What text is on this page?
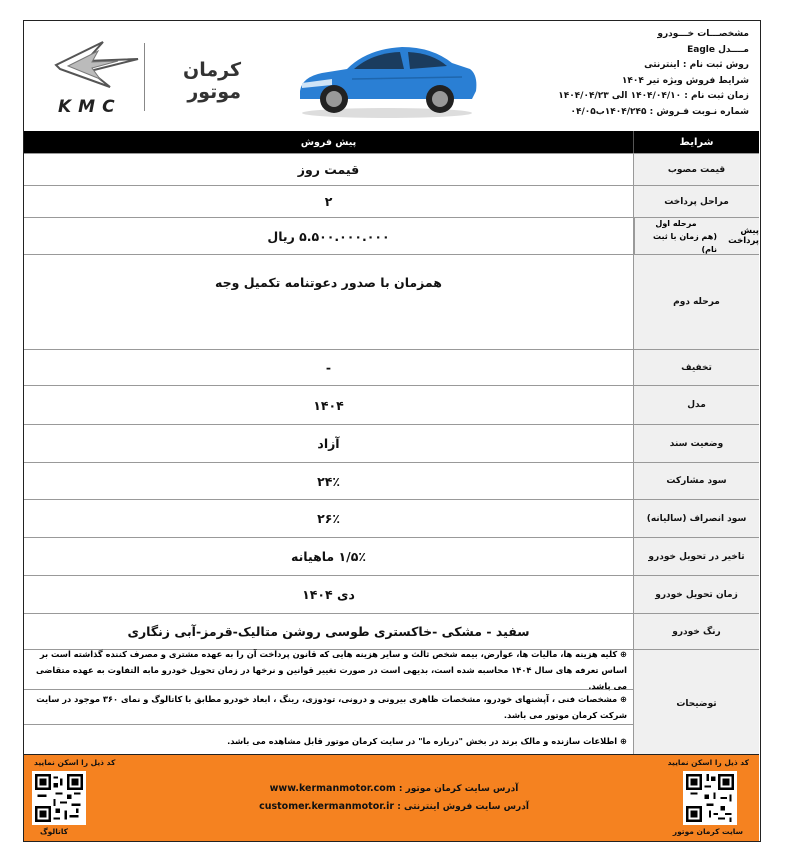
KMC
کرمان موتور
مشخصـــات خـــودرو
مــــدل Eagle
روش ثبت نام : اینترنتی
شرایط فروش ویژه تیر ۱۴۰۴
زمان ثبت نام : ۱۴۰۴/۰۴/۱۰ الی ۱۴۰۴/۰۴/۲۳
شماره نـوبت فـروش : ۱۴۰۴/۲۴۵ب۰۴/۰۵
شرایط
پیش فروش
قیمت مصوب
قیمت روز
مراحل پرداخت
۲
پیش پرداخت
مرحله اول
(هم زمان با ثبت نام)
۵.۵۰۰.۰۰۰.۰۰۰ ریال
مرحله دوم
همزمان با صدور دعوتنامه تکمیل وجه
تخفیف
-
مدل
۱۴۰۴
وضعیت سند
آزاد
سود مشارکت
۲۴٪
سود انصراف (سالیانه)
۲۶٪
تاخیر در تحویل خودرو
۱/۵٪ ماهیانه
زمان تحویل خودرو
دی ۱۴۰۴
رنگ خودرو
سفید - مشکی -خاکستری طوسی روشن متالیک-قرمز-آبی زنگاری
توضیحات
⊕ کلیه هزینه ها، مالیات ها، عوارض، بیمه شخص ثالث و سایر هزینه هایی که قانون پرداخت آن را به عهده مشتری و مصرف کننده گذاشته است بر اساس تعرفه های سال ۱۴۰۴ محاسبه شده است، بدیهی است در صورت تغییر قوانین و نرخها در زمان تحویل خودرو مابه التفاوت به عهده متقاضی می باشد.
⊕ مشخصات فنی ، آپشنهای خودرو، مشخصات ظاهری بیرونی و درونی، تودوزی، رینگ ، ابعاد خودرو مطابق با کاتالوگ و نمای ۳۶۰ موجود در سایت شرکت کرمان موتور می باشد.
⊕ اطلاعات سازنده و مالک برند در بخش "درباره ما" در سایت کرمان موتور قابل مشاهده می باشد.
کد ذیل را اسکن نمایید
کاتالوگ
آدرس سایت کرمان موتور : www.kermanmotor.com
آدرس سایت فروش اینترنتی : customer.kermanmotor.ir
کد ذیل را اسکن نمایید
سایت کرمان موتور
